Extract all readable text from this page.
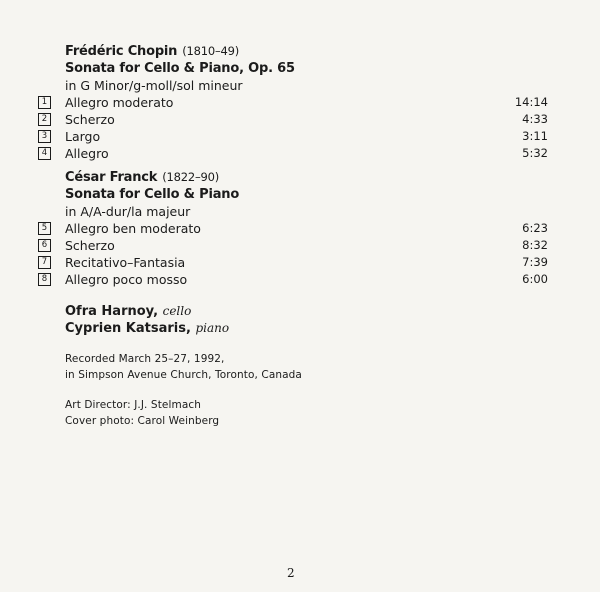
Frédéric Chopin (1810–49)
Sonata for Cello & Piano, Op. 65
in G Minor/g-moll/sol mineur
1	Allegro moderato	14:14
2	Scherzo	4:33
3	Largo	3:11
4	Allegro	5:32
César Franck (1822–90)
Sonata for Cello & Piano
in A/A-dur/la majeur
5	Allegro ben moderato	6:23
6	Scherzo	8:32
7	Recitativo–Fantasia	7:39
8	Allegro poco mosso	6:00
Ofra Harnoy, cello
Cyprien Katsaris, piano
Recorded March 25–27, 1992,
in Simpson Avenue Church, Toronto, Canada
Art Director: J.J. Stelmach
Cover photo: Carol Weinberg
2
